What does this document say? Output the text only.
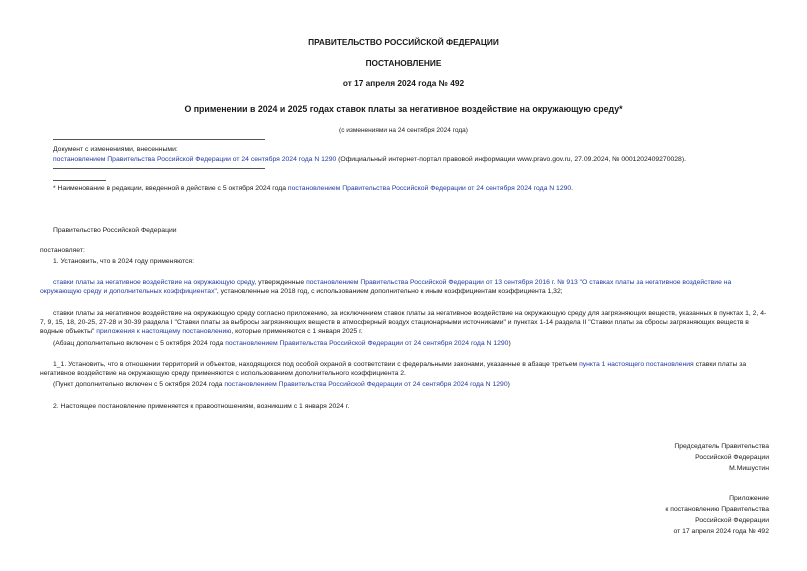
ПРАВИТЕЛЬСТВО РОССИЙСКОЙ ФЕДЕРАЦИИ
ПОСТАНОВЛЕНИЕ
от 17 апреля 2024 года № 492
О применении в 2024 и 2025 годах ставок платы за негативное воздействие на окружающую среду*
(с изменениями на 24 сентября 2024 года)
Документ с изменениями, внесенными:
постановлением Правительства Российской Федерации от 24 сентября 2024 года N 1290 (Официальный интернет-портал правовой информации www.pravo.gov.ru, 27.09.2024, № 0001202409270028).
* Наименование в редакции, введенной в действие с 5 октября 2024 года постановлением Правительства Российской Федерации от 24 сентября 2024 года N 1290.
Правительство Российской Федерации
постановляет:
1. Установить, что в 2024 году применяются:
ставки платы за негативное воздействие на окружающую среду, утвержденные постановлением Правительства Российской Федерации от 13 сентября 2016 г. № 913 "О ставках платы за негативное воздействие на окружающую среду и дополнительных коэффициентах", установленные на 2018 год, с использованием дополнительно к иным коэффициентам коэффициента 1,32;
ставки платы за негативное воздействие на окружающую среду согласно приложению, за исключением ставок платы за негативное воздействие на окружающую среду для загрязняющих веществ, указанных в пунктах 1, 2, 4-7, 9, 15, 18, 20-25, 27-28 и 30-39 раздела I "Ставки платы за выбросы загрязняющих веществ в атмосферный воздух стационарными источниками" и пунктах 1-14 раздела II "Ставки платы за сбросы загрязняющих веществ в водные объекты" приложения к настоящему постановлению, которые применяются с 1 января 2025 г.
(Абзац дополнительно включен с 5 октября 2024 года постановлением Правительства Российской Федерации от 24 сентября 2024 года N 1290)
1_1. Установить, что в отношении территорий и объектов, находящихся под особой охраной в соответствии с федеральными законами, указанные в абзаце третьем пункта 1 настоящего постановления ставки платы за негативное воздействие на окружающую среду применяются с использованием дополнительного коэффициента 2.
(Пункт дополнительно включен с 5 октября 2024 года постановлением Правительства Российской Федерации от 24 сентября 2024 года N 1290)
2. Настоящее постановление применяется к правоотношениям, возникшим с 1 января 2024 г.
Председатель Правительства
Российской Федерации
М.Мишустин
Приложение
к постановлению Правительства
Российской Федерации
от 17 апреля 2024 года № 492
